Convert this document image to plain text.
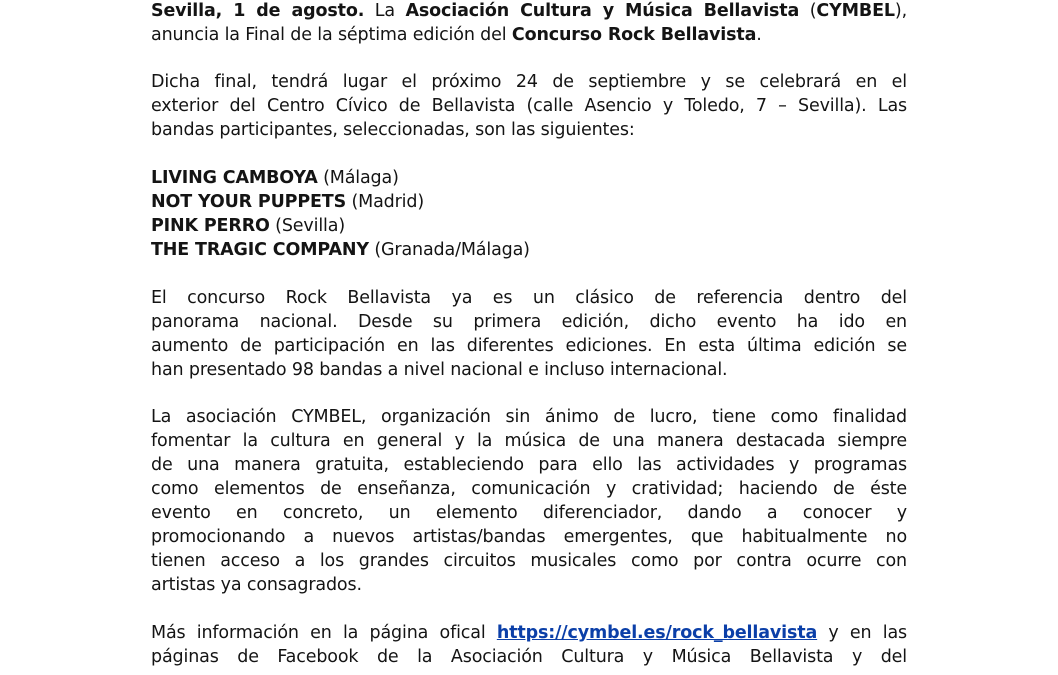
Sevilla, 1 de agosto. La Asociación Cultura y Música Bellavista (CYMBEL),
anuncia la Final de la séptima edición del Concurso Rock Bellavista.
Dicha final, tendrá lugar el próximo 24 de septiembre y se celebrará en el
exterior del Centro Cívico de Bellavista (calle Asencio y Toledo, 7 – Sevilla). Las
bandas participantes, seleccionadas, son las siguientes:
LIVING CAMBOYA (Málaga)
NOT YOUR PUPPETS (Madrid)
PINK PERRO (Sevilla)
THE TRAGIC COMPANY (Granada/Málaga)
El concurso Rock Bellavista ya es un clásico de referencia dentro del
panorama nacional. Desde su primera edición, dicho evento ha ido en
aumento de participación en las diferentes ediciones. En esta última edición se
han presentado 98 bandas a nivel nacional e incluso internacional.
La asociación CYMBEL, organización sin ánimo de lucro, tiene como finalidad
fomentar la cultura en general y la música de una manera destacada siempre
de una manera gratuita, estableciendo para ello las actividades y programas
como elementos de enseñanza, comunicación y cratividad; haciendo de éste
evento en concreto, un elemento diferenciador, dando a conocer y
promocionando a nuevos artistas/bandas emergentes, que habitualmente no
tienen acceso a los grandes circuitos musicales como por contra ocurre con
artistas ya consagrados.
Más información en la página ofical https://cymbel.es/rock_bellavista y en las
páginas de Facebook de la Asociación Cultura y Música Bellavista y del
